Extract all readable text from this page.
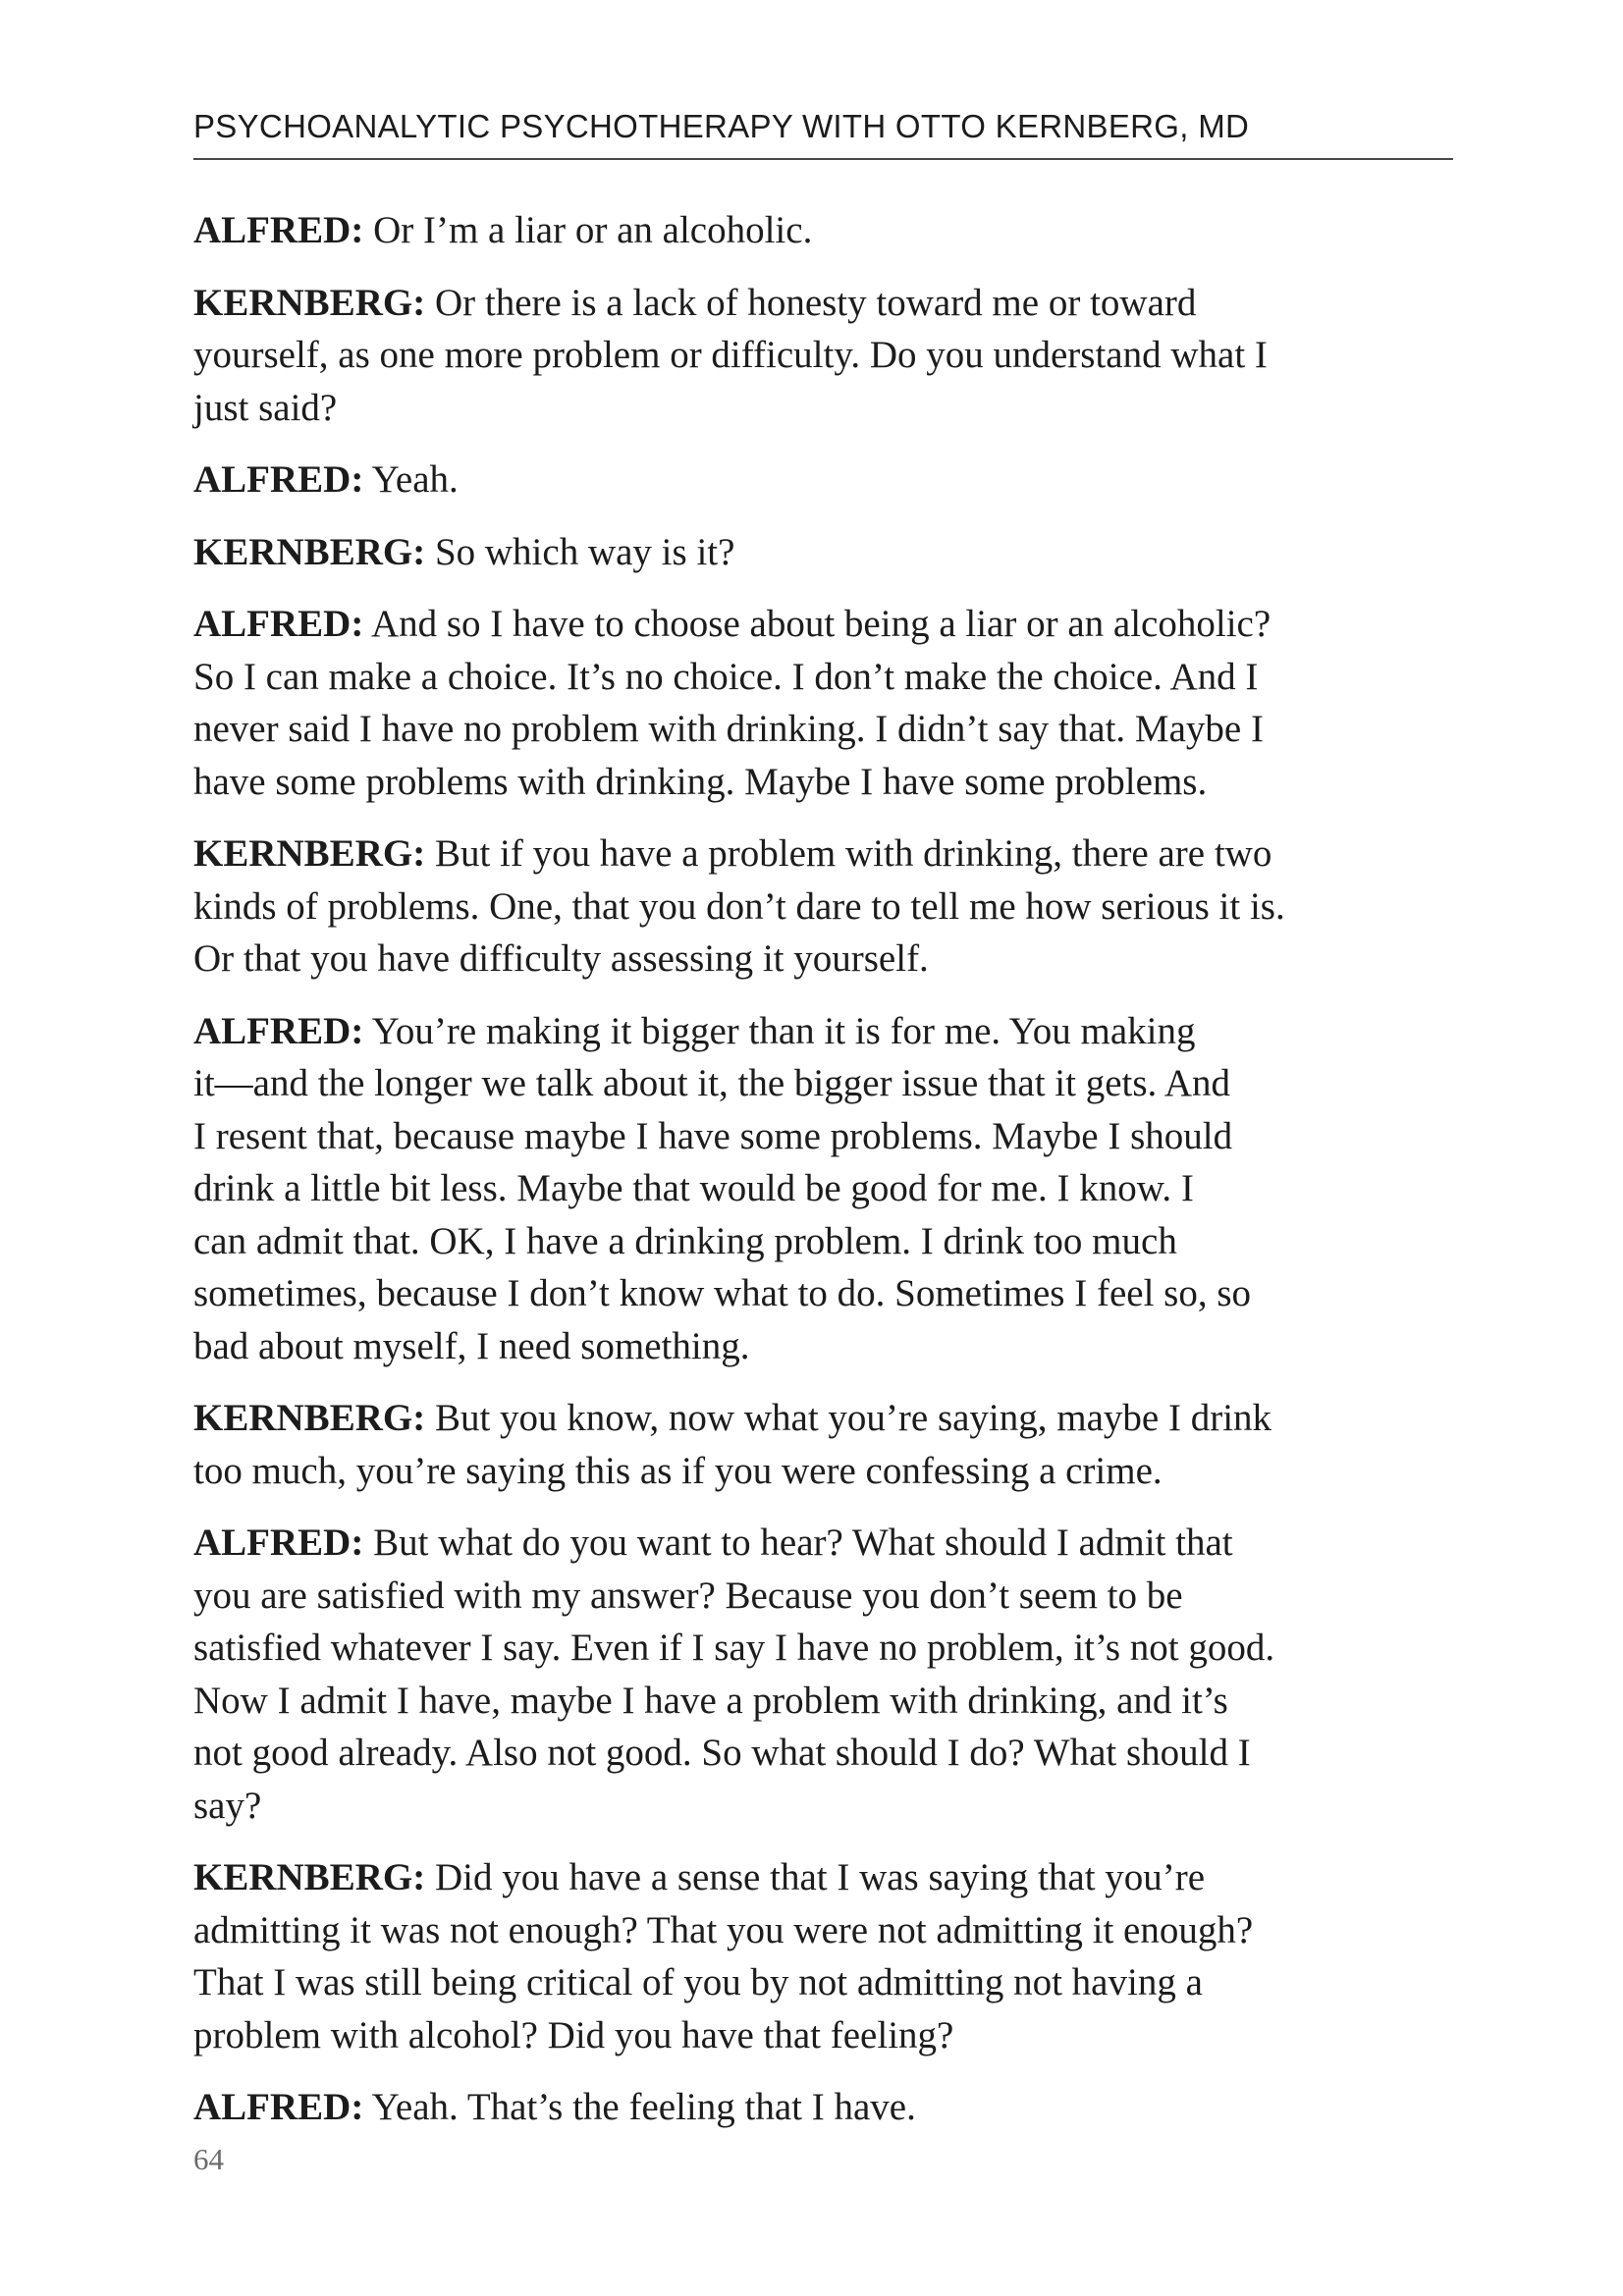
PSYCHOANALYTIC PSYCHOTHERAPY WITH OTTO KERNBERG, MD
ALFRED: Or I’m a liar or an alcoholic.
KERNBERG: Or there is a lack of honesty toward me or toward
yourself, as one more problem or difficulty. Do you understand what I
just said?
ALFRED: Yeah.
KERNBERG: So which way is it?
ALFRED: And so I have to choose about being a liar or an alcoholic?
So I can make a choice. It’s no choice. I don’t make the choice. And I
never said I have no problem with drinking. I didn’t say that. Maybe I
have some problems with drinking. Maybe I have some problems.
KERNBERG: But if you have a problem with drinking, there are two
kinds of problems. One, that you don’t dare to tell me how serious it is.
Or that you have difficulty assessing it yourself.
ALFRED: You’re making it bigger than it is for me. You making
it—and the longer we talk about it, the bigger issue that it gets. And
I resent that, because maybe I have some problems. Maybe I should
drink a little bit less. Maybe that would be good for me. I know. I
can admit that. OK, I have a drinking problem. I drink too much
sometimes, because I don’t know what to do. Sometimes I feel so, so
bad about myself, I need something.
KERNBERG: But you know, now what you’re saying, maybe I drink
too much, you’re saying this as if you were confessing a crime.
ALFRED: But what do you want to hear? What should I admit that
you are satisfied with my answer? Because you don’t seem to be
satisfied whatever I say. Even if I say I have no problem, it’s not good.
Now I admit I have, maybe I have a problem with drinking, and it’s
not good already. Also not good. So what should I do? What should I
say?
KERNBERG: Did you have a sense that I was saying that you’re
admitting it was not enough? That you were not admitting it enough?
That I was still being critical of you by not admitting not having a
problem with alcohol? Did you have that feeling?
ALFRED: Yeah. That’s the feeling that I have.
64
